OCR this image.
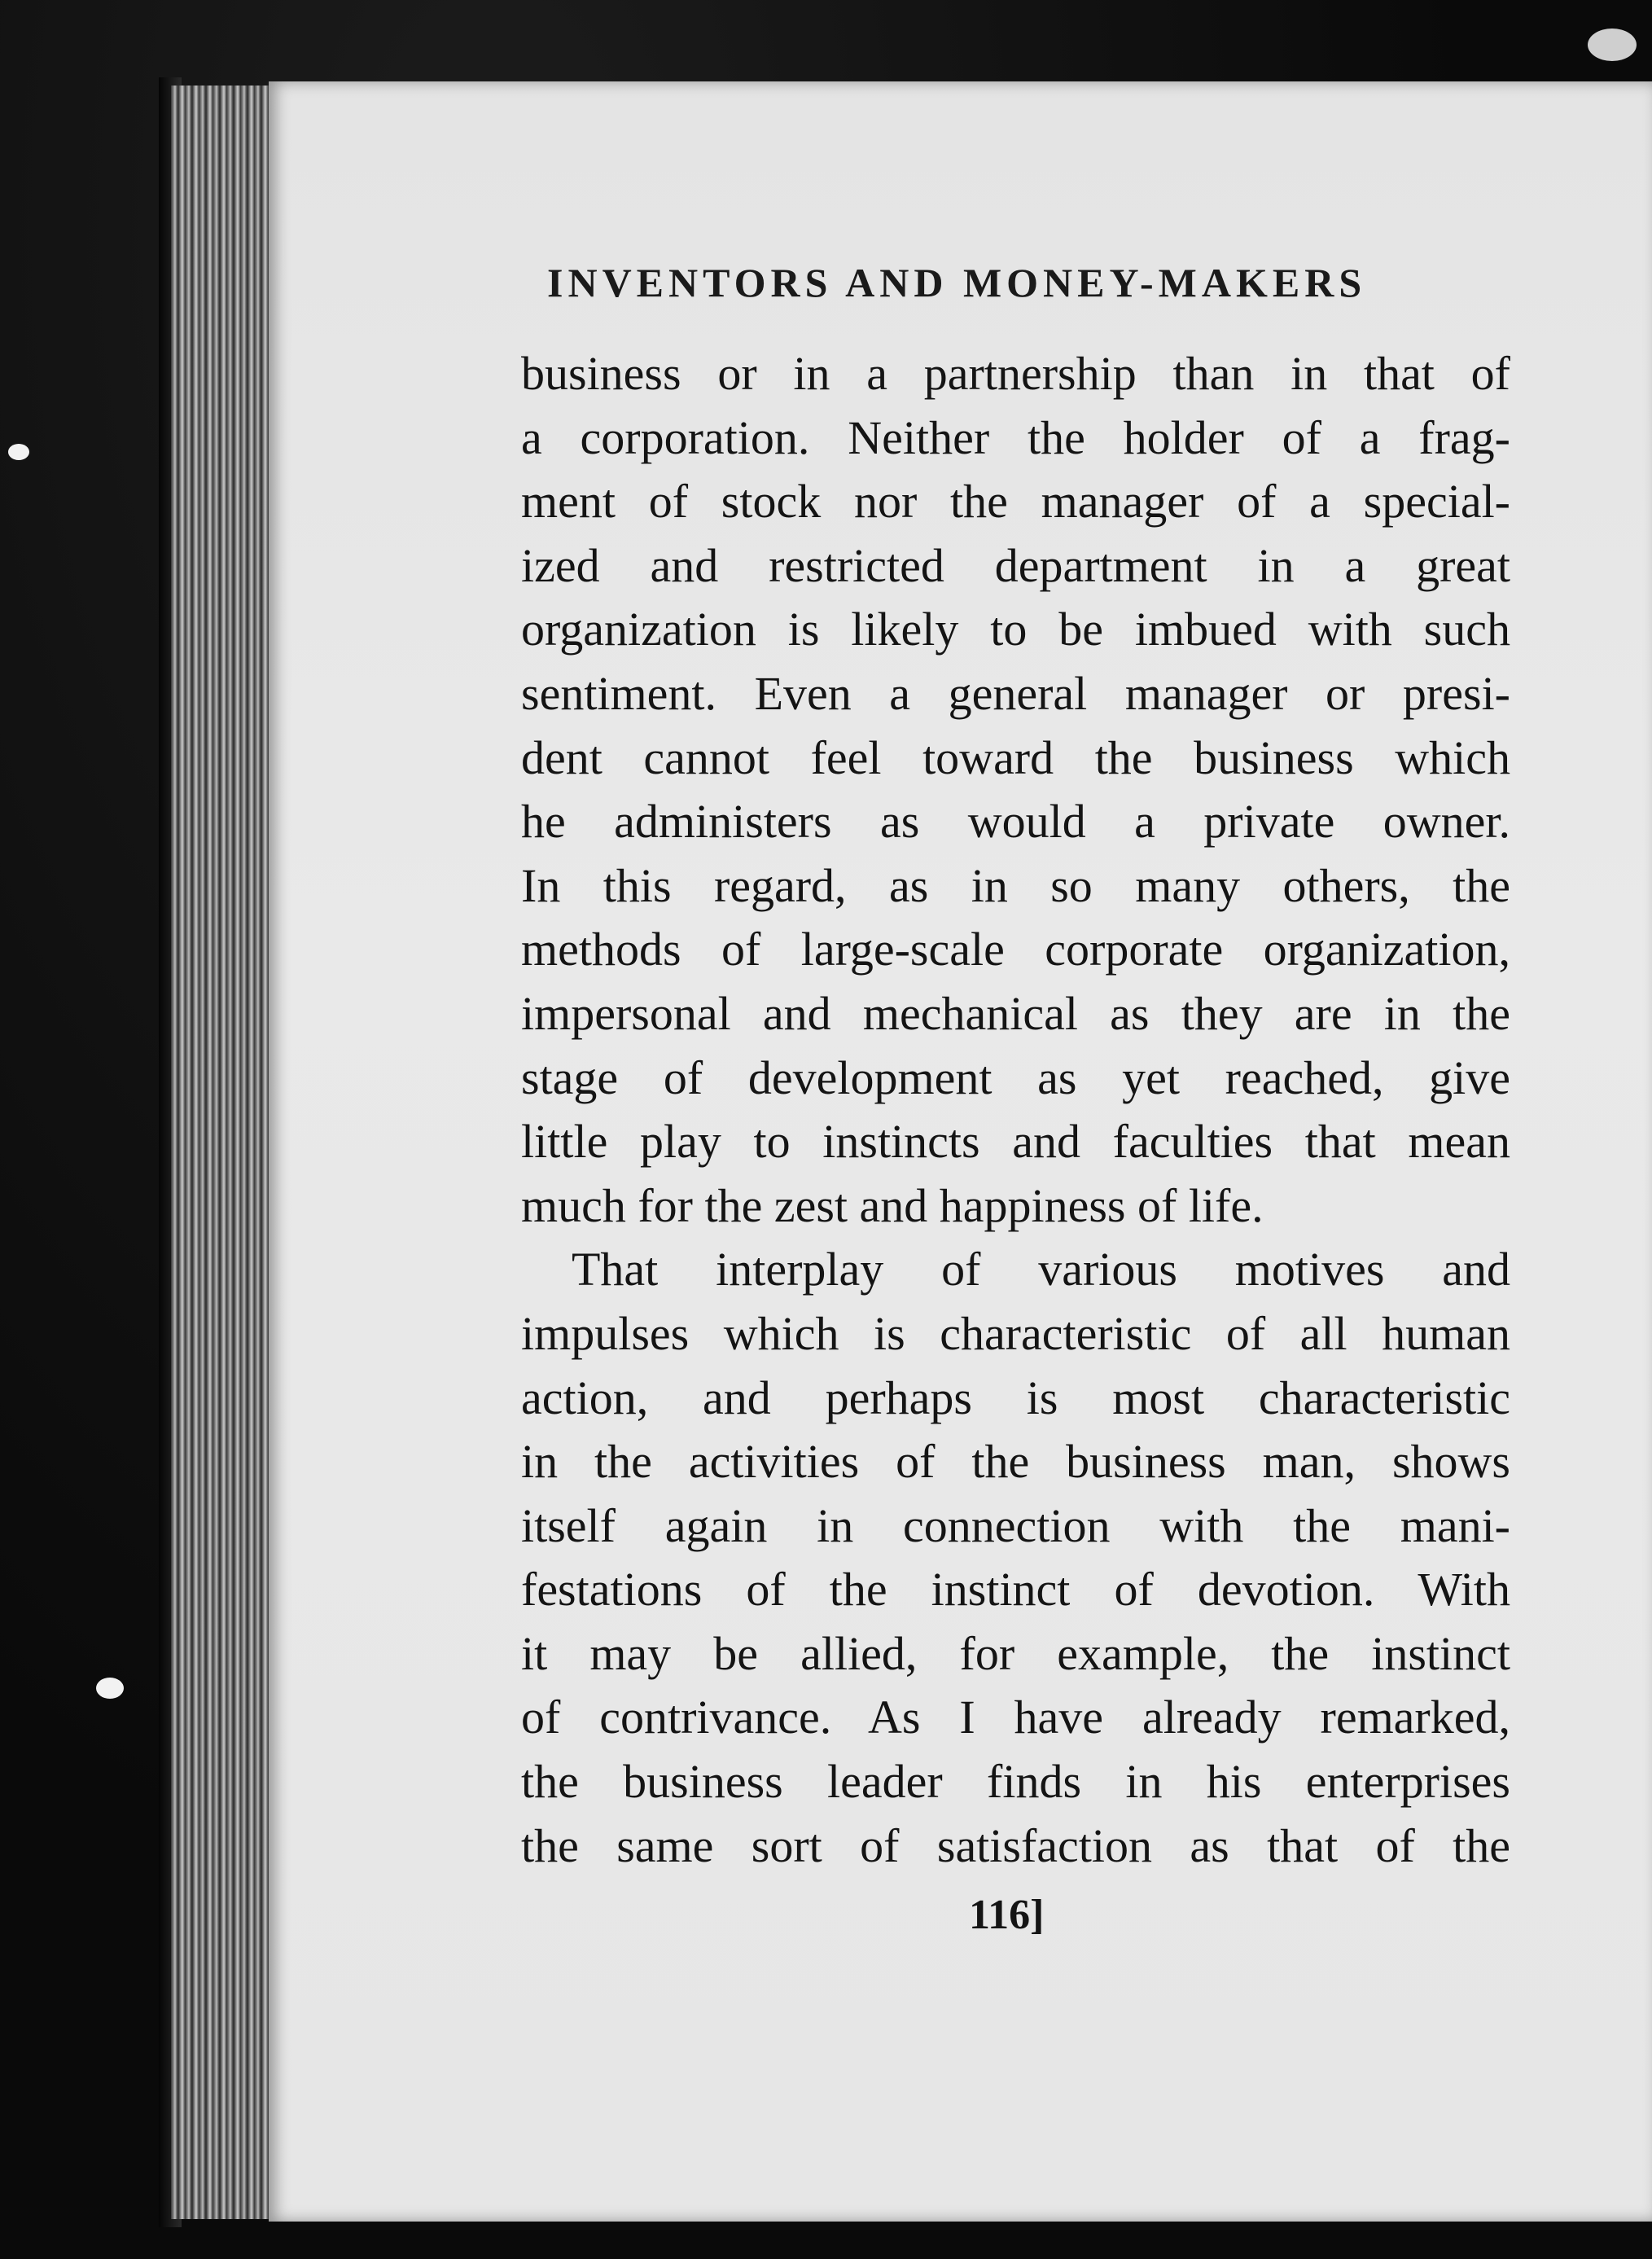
INVENTORS AND MONEY-MAKERS
business or in a partnership than in that of
a corporation. Neither the holder of a frag-
ment of stock nor the manager of a special-
ized and restricted department in a great
organization is likely to be imbued with such
sentiment. Even a general manager or presi-
dent cannot feel toward the business which
he administers as would a private owner.
In this regard, as in so many others, the
methods of large-scale corporate organization,
impersonal and mechanical as they are in the
stage of development as yet reached, give
little play to instincts and faculties that mean
much for the zest and happiness of life.
That interplay of various motives and
impulses which is characteristic of all human
action, and perhaps is most characteristic
in the activities of the business man, shows
itself again in connection with the mani-
festations of the instinct of devotion. With
it may be allied, for example, the instinct
of contrivance. As I have already remarked,
the business leader finds in his enterprises
the same sort of satisfaction as that of the
116]
